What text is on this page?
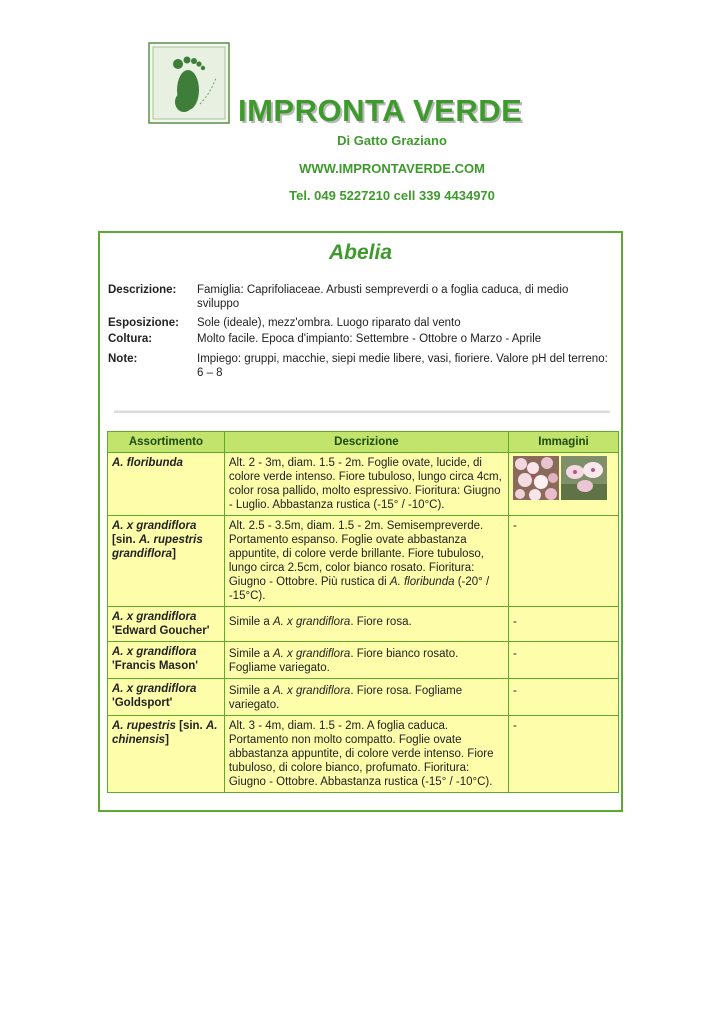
IMPRONTA VERDE
Di Gatto Graziano
WWW.IMPRONTAVERDE.COM
Tel. 049 5227210 cell 339 4434970
Abelia
Descrizione:	Famiglia: Caprifoliaceae. Arbusti sempreverdi o a foglia caduca, di medio sviluppo
Esposizione:	Sole (ideale), mezz'ombra. Luogo riparato dal vento
Coltura:	Molto facile. Epoca d'impianto: Settembre - Ottobre o Marzo - Aprile
Note:	Impiego: gruppi, macchie, siepi medie libere, vasi, fioriere. Valore pH del terreno: 6 – 8
Assortimento	Descrizione	Immagini
A. floribunda	Alt. 2 - 3m, diam. 1.5 - 2m. Foglie ovate, lucide, di colore verde intenso. Fiore tubuloso, lungo circa 4cm, color rosa pallido, molto espressivo. Fioritura: Giugno - Luglio. Abbastanza rustica (-15° / -10°C).	

A. x grandiflora
[sin. A. rupestris grandiflora]	Alt. 2.5 - 3.5m, diam. 1.5 - 2m. Semisempreverde. Portamento espanso. Foglie ovate abbastanza appuntite, di colore verde brillante. Fiore tubuloso, lungo circa 2.5cm, color bianco rosato. Fioritura: Giugno - Ottobre. Più rustica di A. floribunda (-20° / -15°C).	-
A. x grandiflora
'Edward Goucher'	Simile a A. x grandiflora. Fiore rosa.	-
A. x grandiflora
'Francis Mason'	Simile a A. x grandiflora. Fiore bianco rosato. Fogliame variegato.	-
A. x grandiflora
'Goldsport'	Simile a A. x grandiflora. Fiore rosa. Fogliame variegato.	-
A. rupestris [sin. A. chinensis]	Alt. 3 - 4m, diam. 1.5 - 2m. A foglia caduca. Portamento non molto compatto. Foglie ovate abbastanza appuntite, di colore verde intenso. Fiore tubuloso, di colore bianco, profumato. Fioritura: Giugno - Ottobre. Abbastanza rustica (-15° / -10°C).	-
